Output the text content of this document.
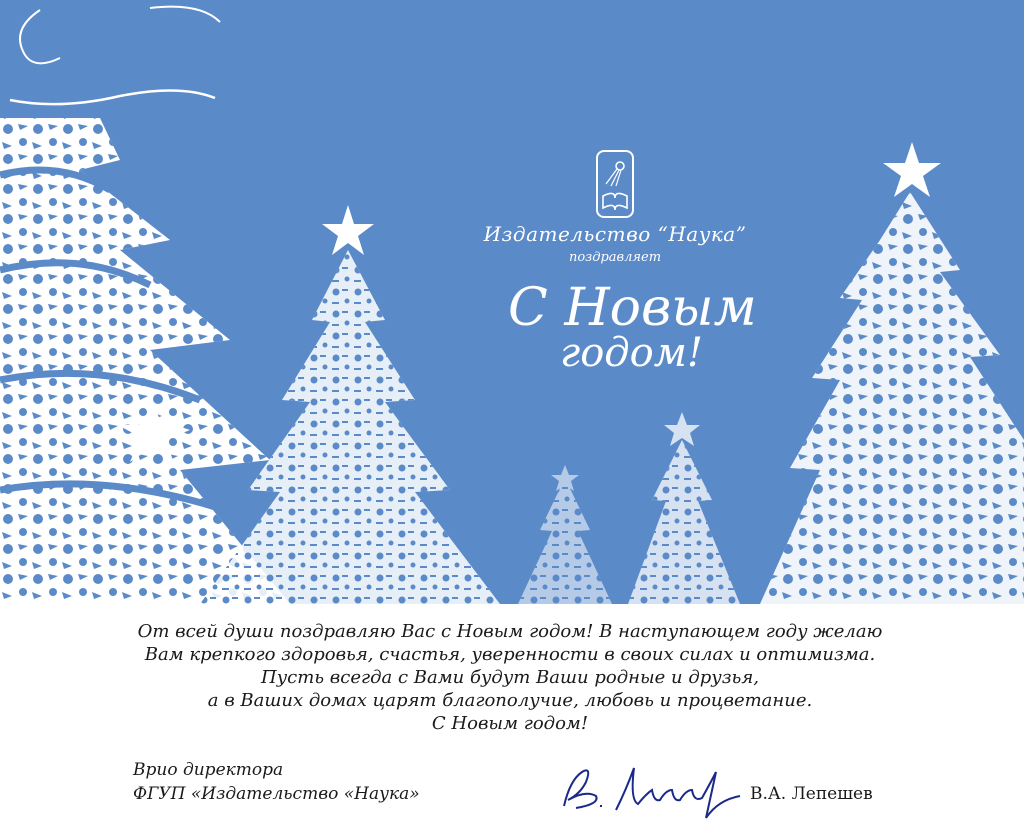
Издательство “Наука”
поздравляет
С Новым
годом!
От всей души поздравляю Вас с Новым годом! В наступающем году желаю
Вам крепкого здоровья, счастья, уверенности в своих силах и оптимизма.
Пусть всегда с Вами будут Ваши родные и друзья,
а в Ваших домах царят благополучие, любовь и процветание.
С Новым годом!
Врио директора
ФГУП «Издательство «Наука»	В.А. Лепешев
